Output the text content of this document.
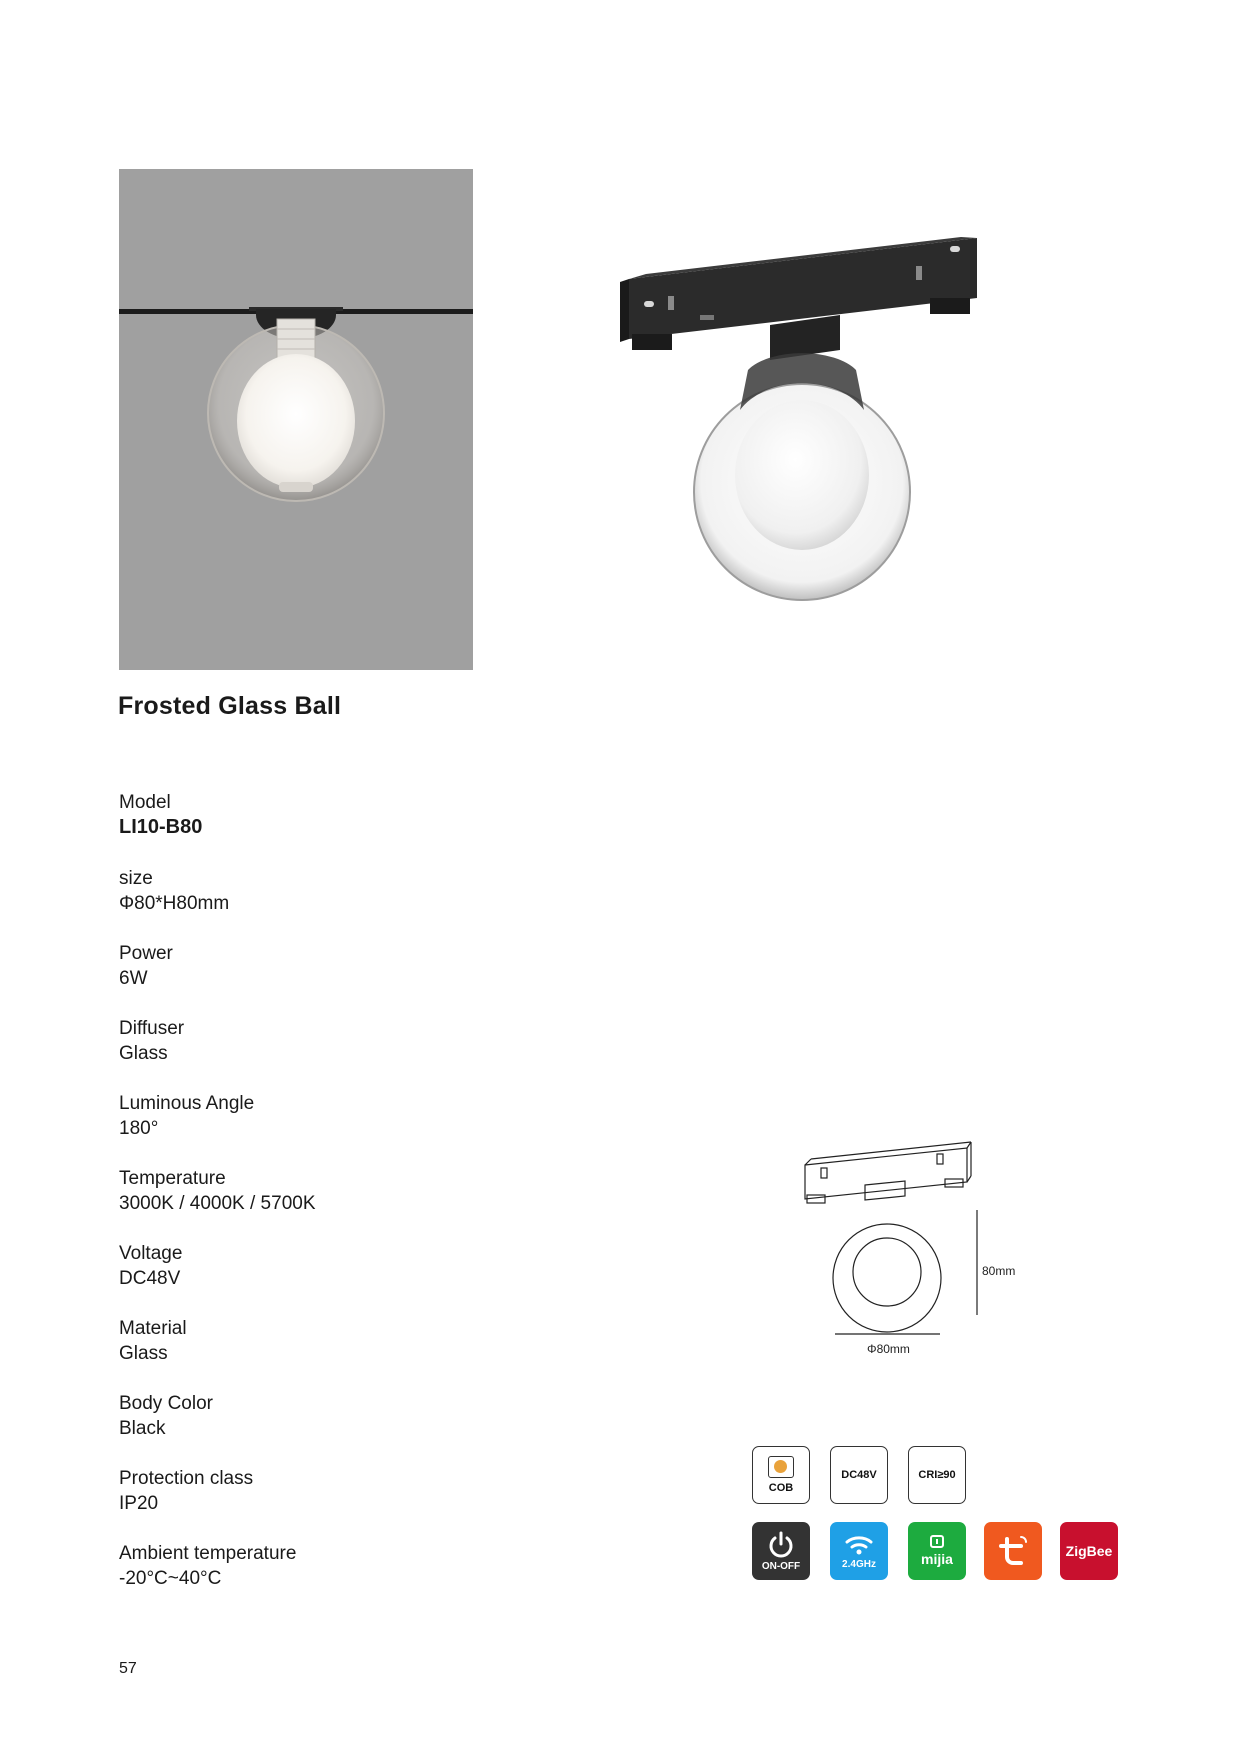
Frosted Glass Ball
Model
LI10-B80
size
Φ80*H80mm
Power
6W
Diffuser
Glass
Luminous Angle
180°
Temperature
3000K / 4000K / 5700K
Voltage
DC48V
Material
Glass
Body Color
Black
Protection class
IP20
Ambient temperature
-20°C~40°C
80mm
Φ80mm
COB
DC48V	CRI≥90
ON-OFF	2.4GHz	mijia	ZigBee
57
